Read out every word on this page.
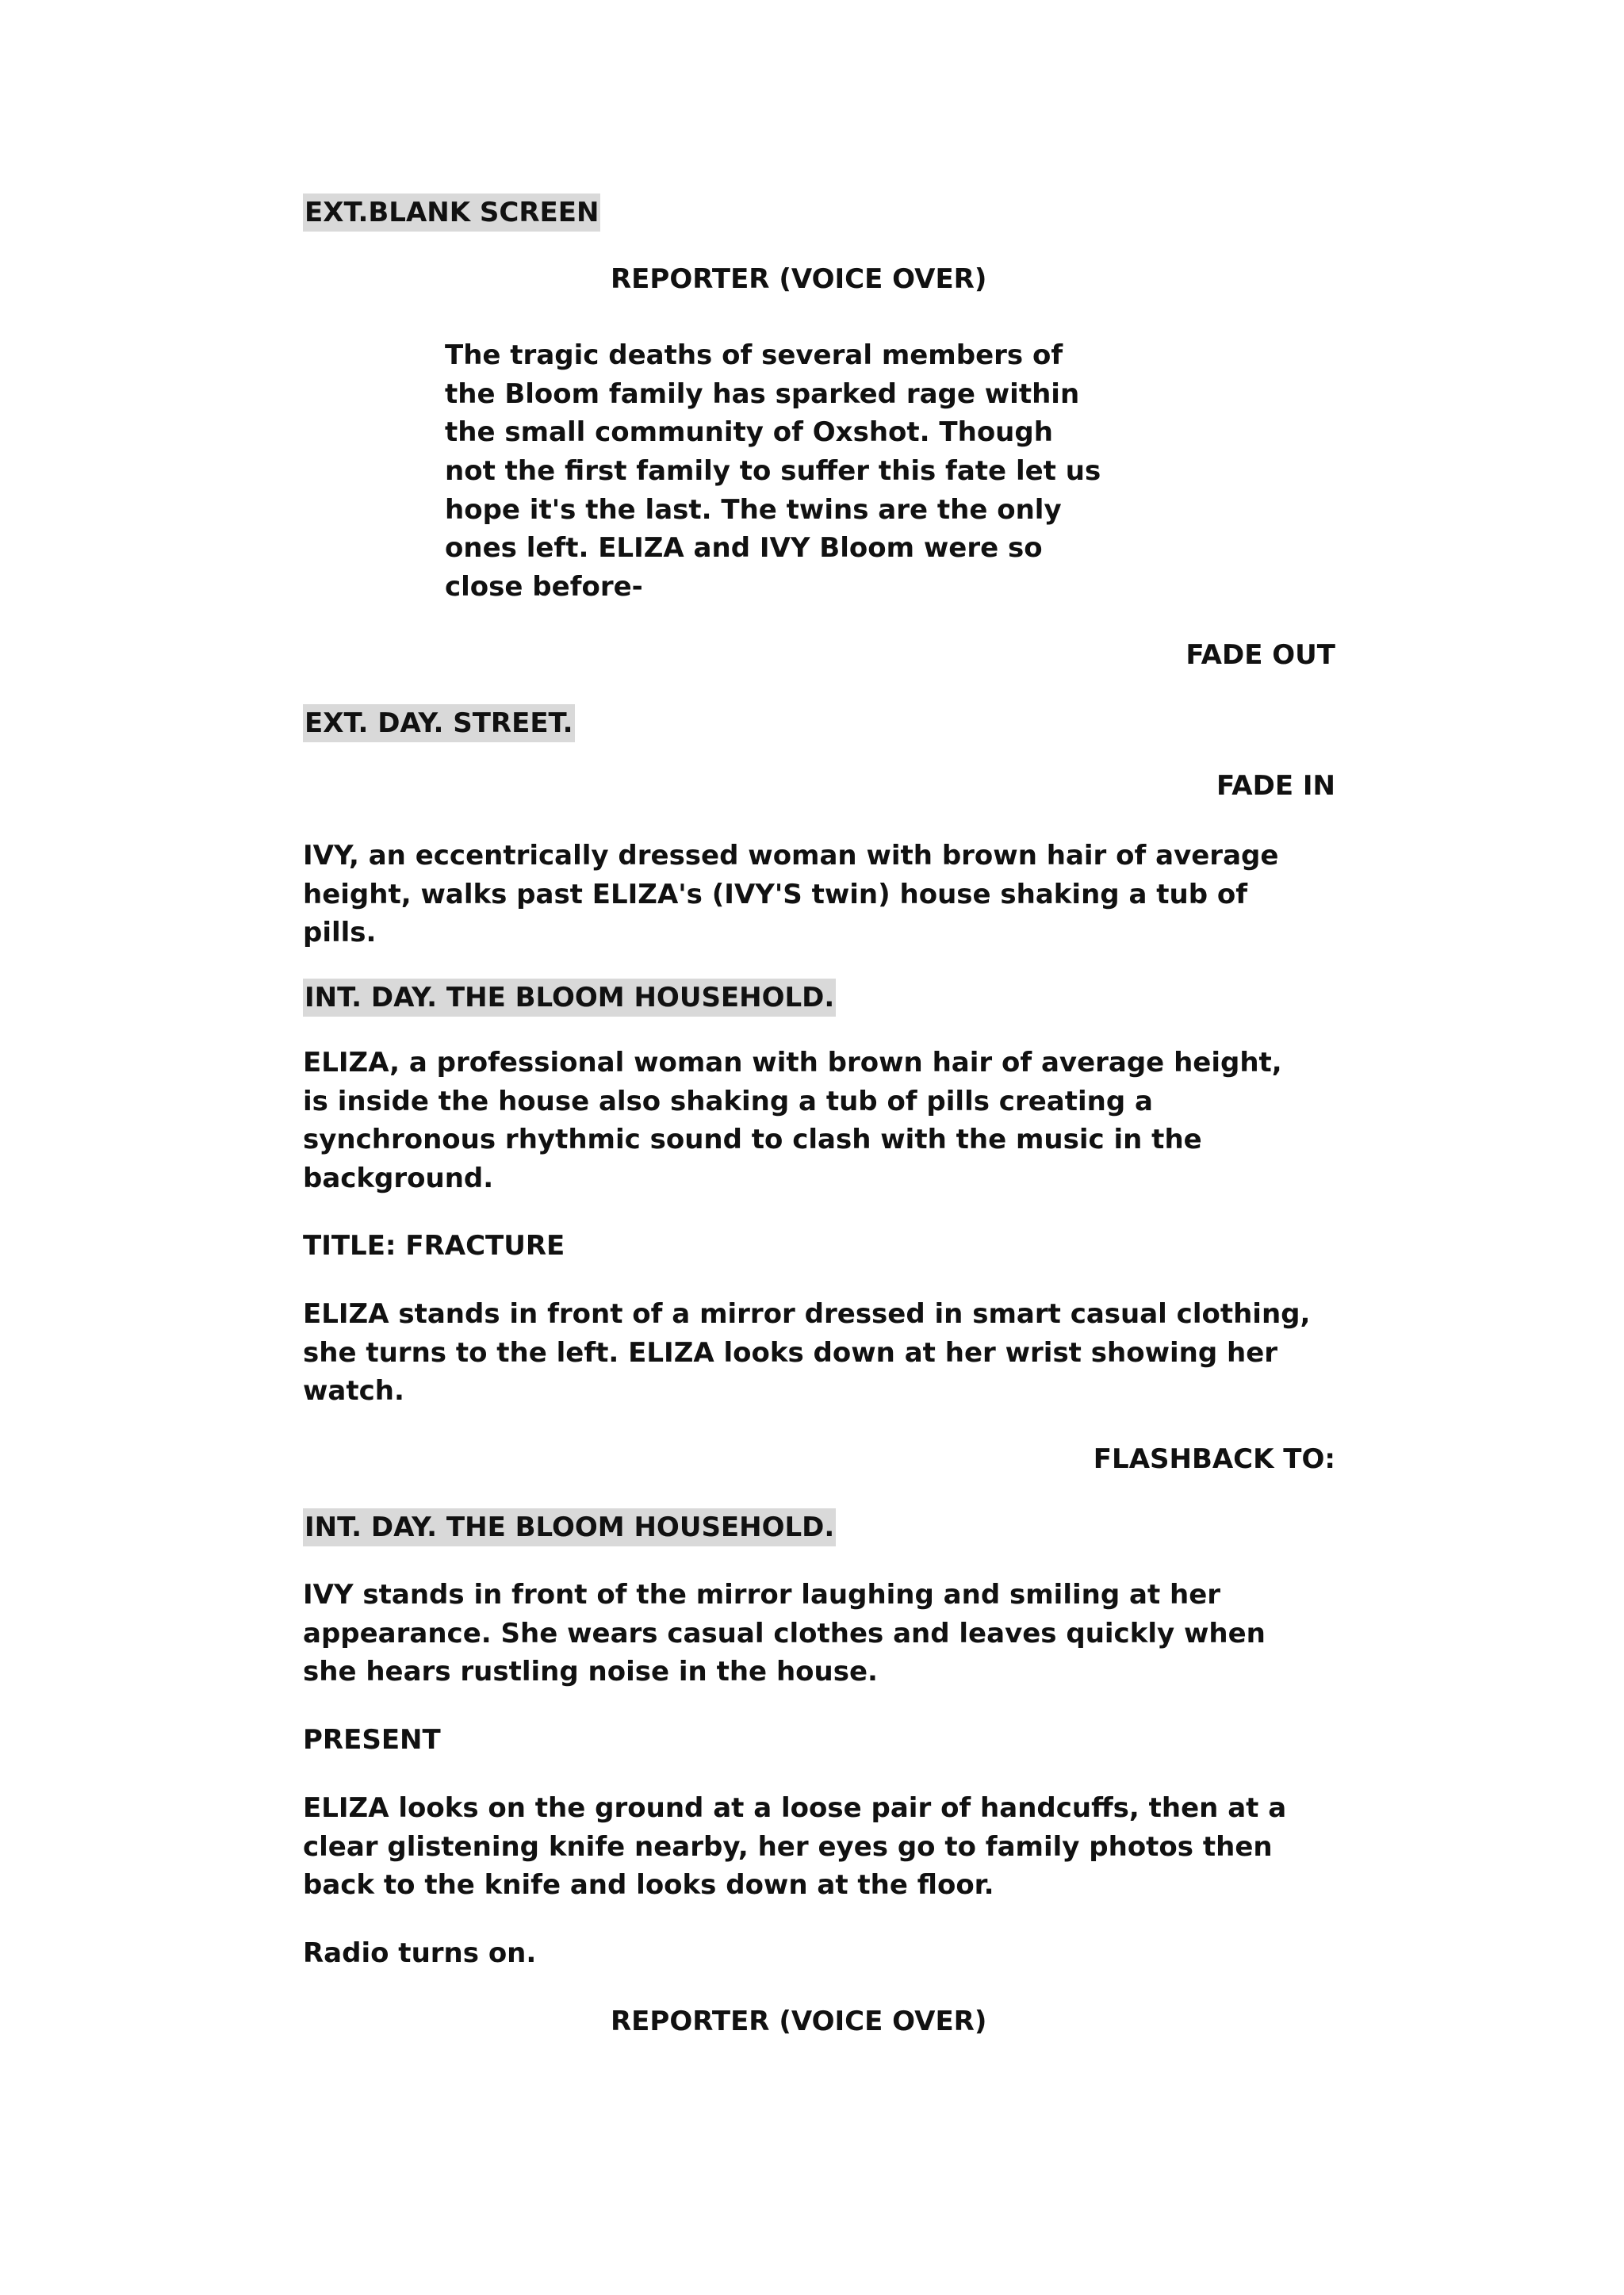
EXT.BLANK SCREEN
REPORTER (VOICE OVER)
The tragic deaths of several members of
the Bloom family has sparked rage within
the small community of Oxshot. Though
not the first family to suffer this fate let us
hope it's the last. The twins are the only
ones left. ELIZA and IVY Bloom were so
close before-
FADE OUT
EXT. DAY. STREET.
FADE IN
IVY, an eccentrically dressed woman with brown hair of average
height, walks past ELIZA's (IVY'S twin) house shaking a tub of
pills.
INT. DAY. THE BLOOM HOUSEHOLD.
ELIZA, a professional woman with brown hair of average height,
is inside the house also shaking a tub of pills creating a
synchronous rhythmic sound to clash with the music in the
background.
TITLE: FRACTURE
ELIZA stands in front of a mirror dressed in smart casual clothing,
she turns to the left. ELIZA looks down at her wrist showing her
watch.
FLASHBACK TO:
INT. DAY. THE BLOOM HOUSEHOLD.
IVY stands in front of the mirror laughing and smiling at her
appearance. She wears casual clothes and leaves quickly when
she hears rustling noise in the house.
PRESENT
ELIZA looks on the ground at a loose pair of handcuffs, then at a
clear glistening knife nearby, her eyes go to family photos then
back to the knife and looks down at the floor.
Radio turns on.
REPORTER (VOICE OVER)
